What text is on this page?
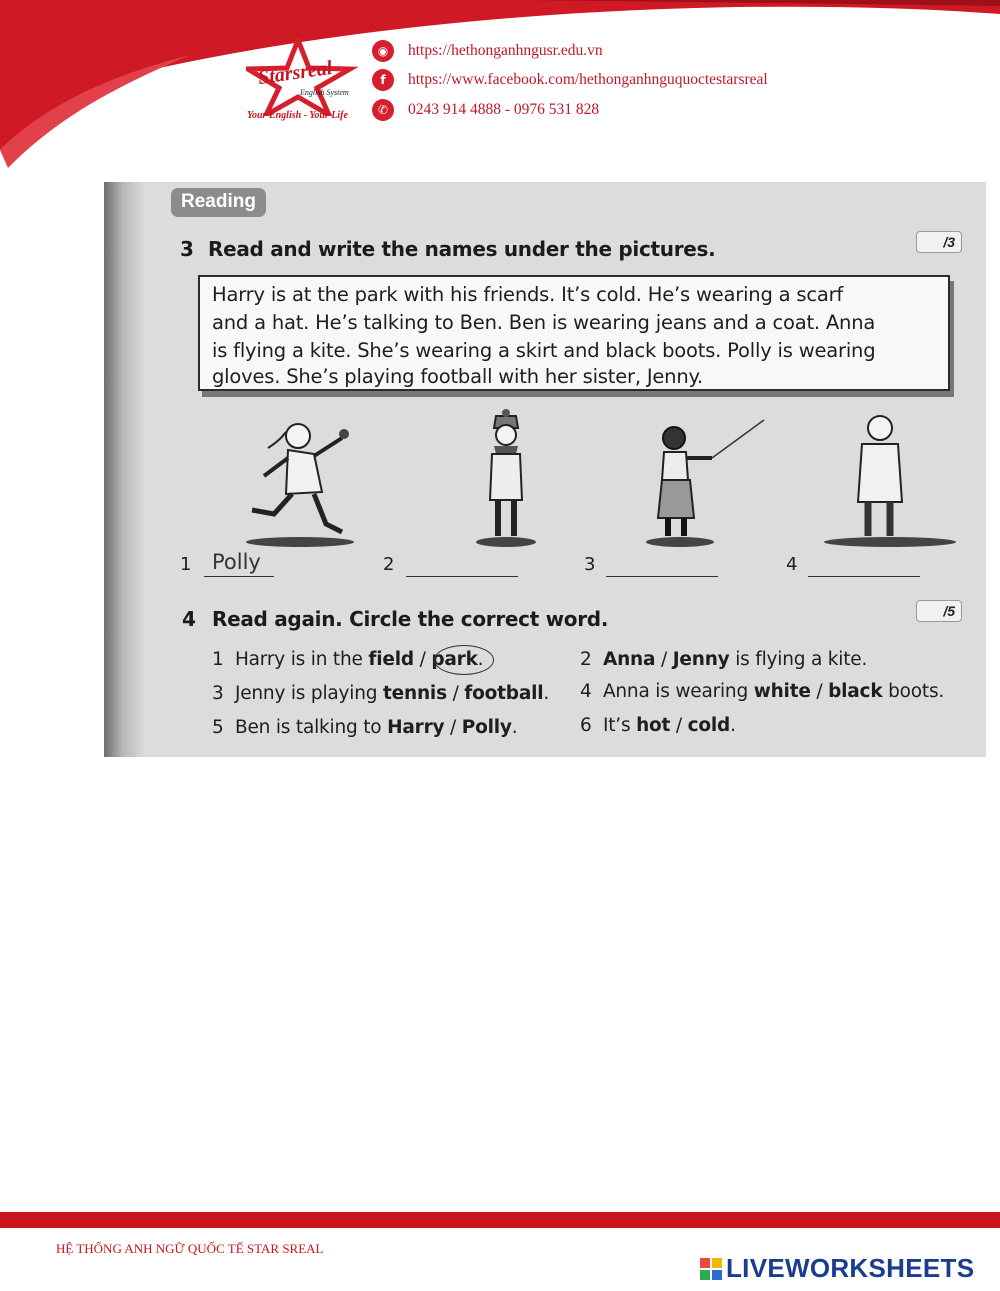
Starsreal
English System
Your English - Your Life
◉	https://hethonganhngusr.edu.vn
f	https://www.facebook.com/hethonganhnguquoctestarsreal
✆	0243 914 4888 - 0976 531 828
Reading
3 Read and write the names under the pictures.	/3
Harry is at the park with his friends. It’s cold. He’s wearing a scarf
and a hat. He’s talking to Ben. Ben is wearing jeans and a coat. Anna
is flying a kite. She’s wearing a skirt and black boots. Polly is wearing
gloves. She’s playing football with her sister, Jenny.
1 Polly	2	3	4
4 Read again. Circle the correct word.	/5
1 Harry is in the field / park.	2 Anna / Jenny is flying a kite.
3 Jenny is playing tennis / football. 4 Anna is wearing white / black boots.
5 Ben is talking to Harry / Polly.	6 It’s hot / cold.
HỆ THỐNG ANH NGỮ QUỐC TẾ STAR SREAL
LIVEWORKSHEETS
